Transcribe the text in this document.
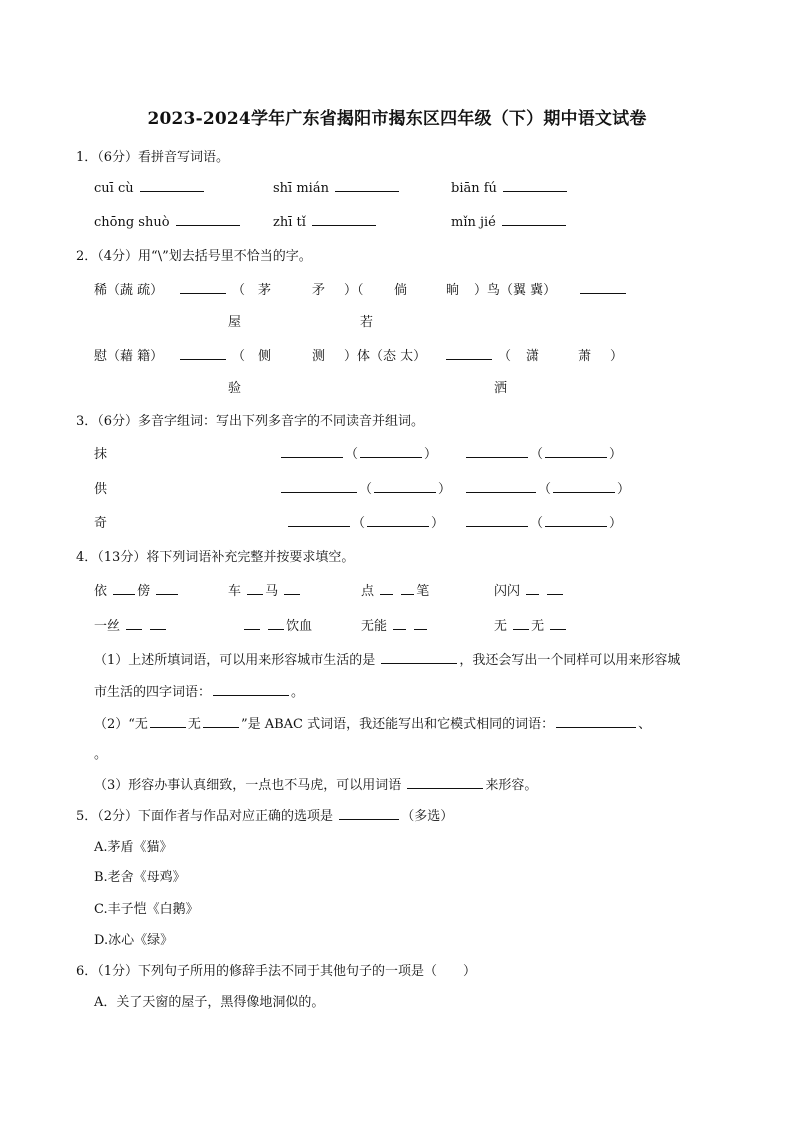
2023-2024学年广东省揭阳市揭东区四年级（下）期中语文试卷
1．（6分）看拼音写词语。
cuī cù	shī mián	biān fú
chōng shuò	zhī tǐ	mǐn jié
2．（4分）用“\”划去括号里不恰当的字。
稀（蔬 疏）	（ 茅	矛 ）（ 倘	晌 ）鸟（翼 冀）
屋	若
慰（藉 籍）	（ 侧	测 ）体（态 太）	（ 潇	萧 ）
验	洒
3．（6分）多音字组词：写出下列多音字的不同读音并组词。
抹	（	）	（	）
供	（	）	（	）
奇	（	）	（	）
4．（13分）将下列词语补充完整并按要求填空。
依 傍	车 马	点	笔	闪闪
一丝	饮血	无能	无 无
（1）上述所填词语，可以用来形容城市生活的是	，我还会写出一个同样可以用来形容城
市生活的四字词语：	。
（2）“无	无	”是 ABAC 式词语，我还能写出和它模式相同的词语：	、
。
（3）形容办事认真细致，一点也不马虎，可以用词语	来形容。
5．（2分）下面作者与作品对应正确的选项是	（多选）
A.茅盾《猫》
B.老舍《母鸡》
C.丰子恺《白鹅》
D.冰心《绿》
6．（1分）下列句子所用的修辞手法不同于其他句子的一项是（　　）
A．关了天窗的屋子，黑得像地洞似的。
